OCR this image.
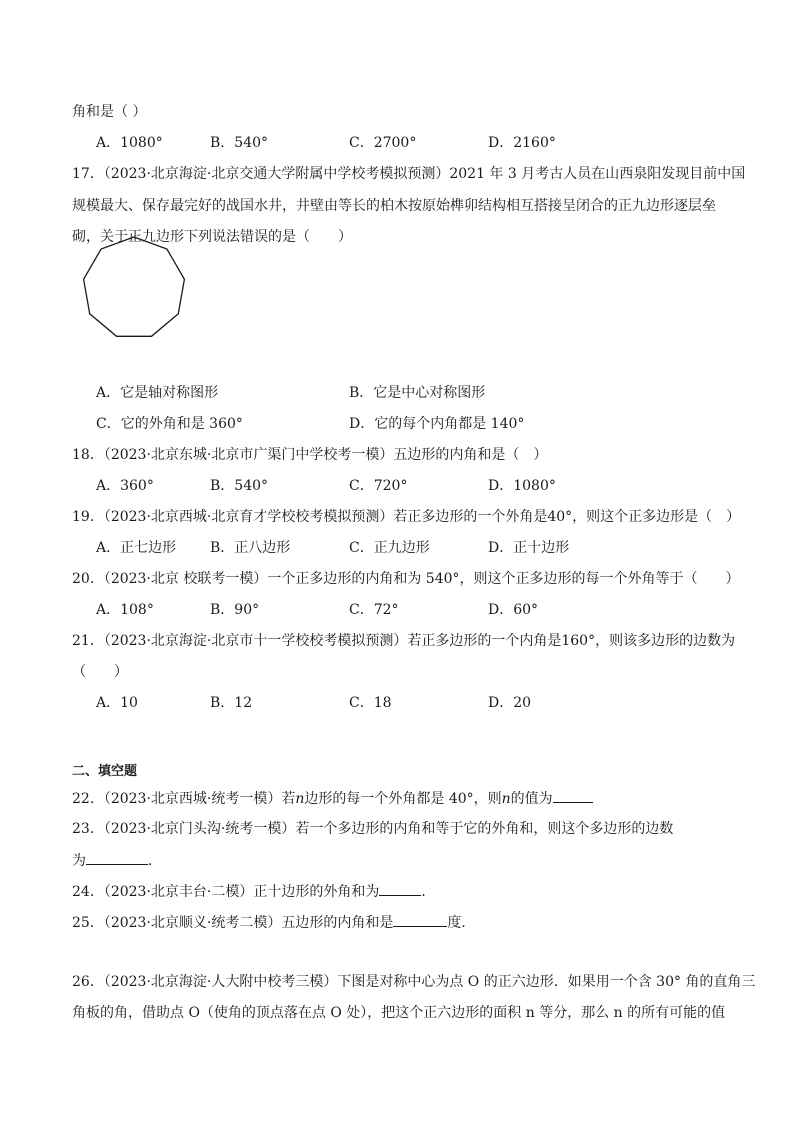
角和是（ ）
A．1080°	B．540°	C．2700°	D．2160°
17．（2023·北京海淀·北京交通大学附属中学校考模拟预测）2021 年 3 月考古人员在山西泉阳发现目前中国
规模最大、保存最完好的战国水井，井壁由等长的柏木按原始榫卯结构相互搭接呈闭合的正九边形逐层垒
砌，关于正九边形下列说法错误的是（　　）
A．它是轴对称图形	B．它是中心对称图形
C．它的外角和是 360°	D．它的每个内角都是 140°
18．（2023·北京东城·北京市广渠门中学校考一模）五边形的内角和是（　）
A．360°	B．540°	C．720°	D．1080°
19．（2023·北京西城·北京育才学校校考模拟预测）若正多边形的一个外角是40°，则这个正多边形是（　）
A．正七边形 B．正八边形	C．正九边形	D．正十边形
20．（2023·北京 校联考一模）一个正多边形的内角和为 540°，则这个正多边形的每一个外角等于（　　）
A．108°	B．90°	C．72°	D．60°
21．（2023·北京海淀·北京市十一学校校考模拟预测）若正多边形的一个内角是160°，则该多边形的边数为
（　　）
A．10	B．12	C．18	D．20
二、填空题
22．（2023·北京西城·统考一模）若n边形的每一个外角都是 40°，则n的值为
23．（2023·北京门头沟·统考一模）若一个多边形的内角和等于它的外角和，则这个多边形的边数
为	．
24．（2023·北京丰台·二模）正十边形的外角和为	．
25．（2023·北京顺义·统考二模）五边形的内角和是	度．
26．（2023·北京海淀·人大附中校考三模）下图是对称中心为点 O 的正六边形．如果用一个含 30° 角的直角三
角板的角，借助点 O（使角的顶点落在点 O 处），把这个正六边形的面积 n 等分，那么 n 的所有可能的值
